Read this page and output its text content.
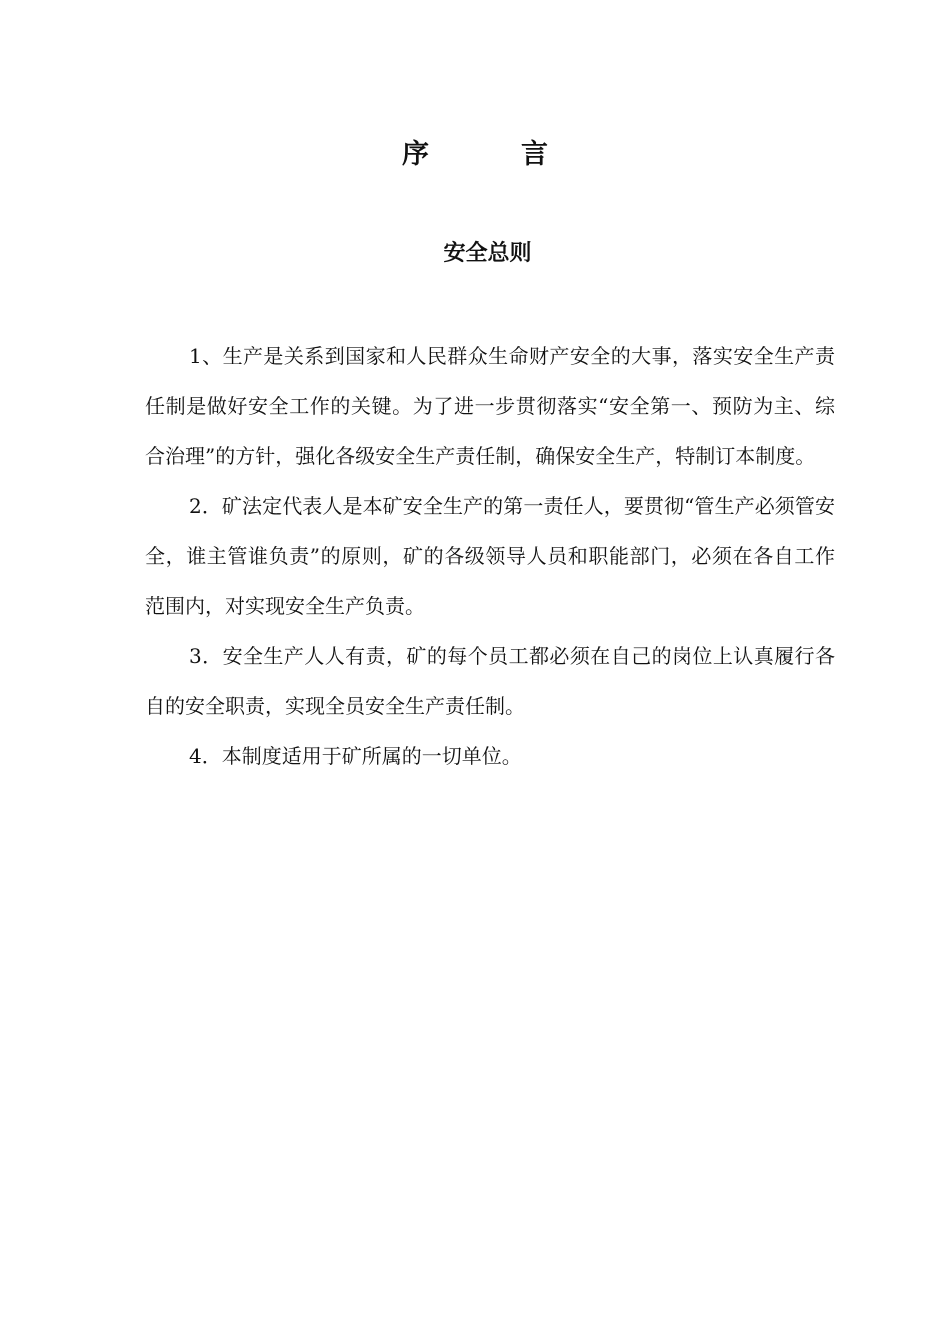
序	言
安全总则

1、生产是关系到国家和人民群众生命财产安全的大事，落实安全生产责任制是做好安全工作的关键。为了进一步贯彻落实“安全第一、预防为主、综合治理”的方针，强化各级安全生产责任制，确保安全生产，特制订本制度。

2．矿法定代表人是本矿安全生产的第一责任人，要贯彻“管生产必须管安全，谁主管谁负责”的原则，矿的各级领导人员和职能部门，必须在各自工作范围内，对实现安全生产负责。

3．安全生产人人有责，矿的每个员工都必须在自己的岗位上认真履行各自的安全职责，实现全员安全生产责任制。

4．本制度适用于矿所属的一切单位。
